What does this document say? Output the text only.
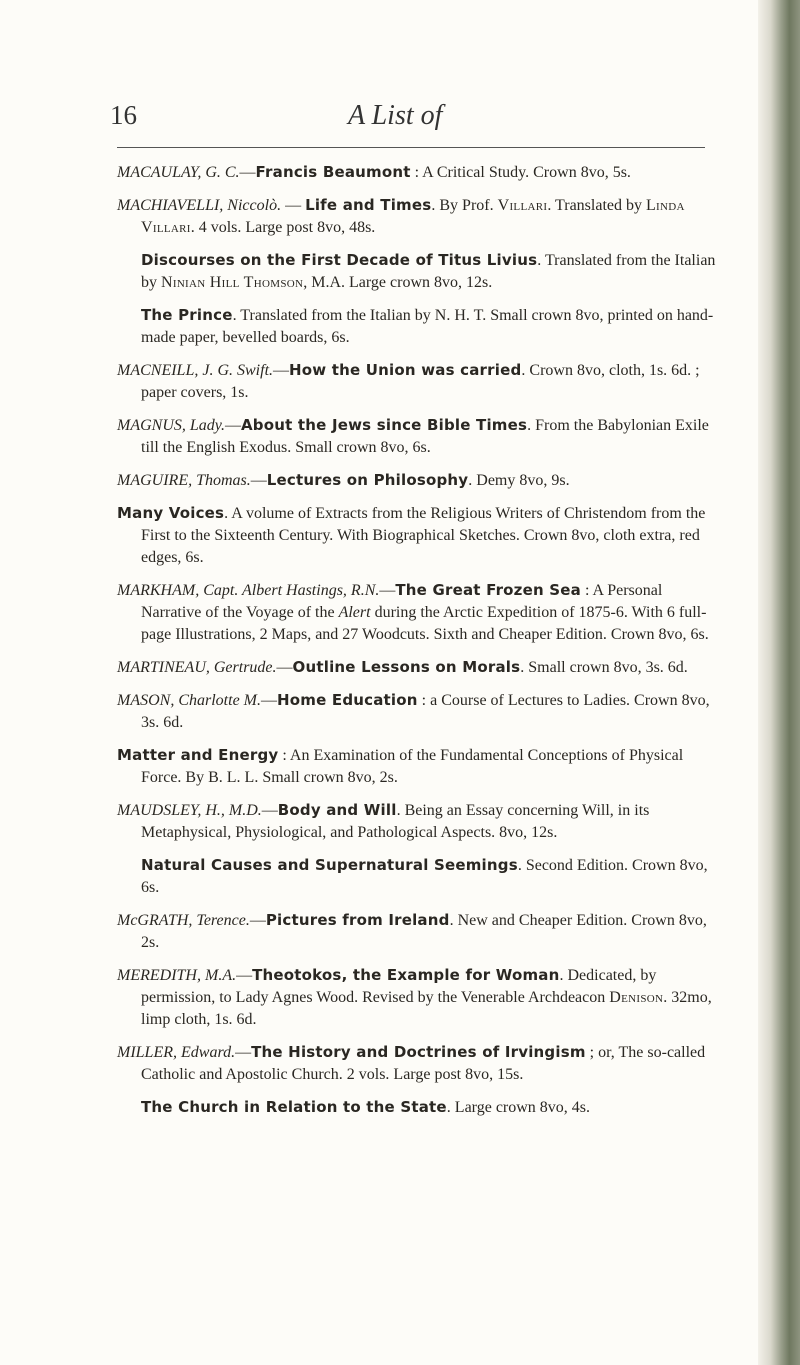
16	A List of

MACAULAY, G. C.—Francis Beaumont : A Critical Study. Crown 8vo, 5s.

MACHIAVELLI, Niccolò. — Life and Times. By Prof. Villari. Translated by Linda Villari. 4 vols. Large post 8vo, 48s.

Discourses on the First Decade of Titus Livius. Translated from the Italian by Ninian Hill Thomson, M.A. Large crown 8vo, 12s.

The Prince. Translated from the Italian by N. H. T. Small crown 8vo, printed on hand-made paper, bevelled boards, 6s.

MACNEILL, J. G. Swift.—How the Union was carried. Crown 8vo, cloth, 1s. 6d. ; paper covers, 1s.

MAGNUS, Lady.—About the Jews since Bible Times. From the Babylonian Exile till the English Exodus. Small crown 8vo, 6s.

MAGUIRE, Thomas.—Lectures on Philosophy. Demy 8vo, 9s.

Many Voices. A volume of Extracts from the Religious Writers of Christendom from the First to the Sixteenth Century. With Biographical Sketches. Crown 8vo, cloth extra, red edges, 6s.

MARKHAM, Capt. Albert Hastings, R.N.—The Great Frozen Sea : A Personal Narrative of the Voyage of the Alert during the Arctic Expedition of 1875-6. With 6 full-page Illustrations, 2 Maps, and 27 Woodcuts. Sixth and Cheaper Edition. Crown 8vo, 6s.

MARTINEAU, Gertrude.—Outline Lessons on Morals. Small crown 8vo, 3s. 6d.

MASON, Charlotte M.—Home Education : a Course of Lectures to Ladies. Crown 8vo, 3s. 6d.

Matter and Energy : An Examination of the Fundamental Conceptions of Physical Force. By B. L. L. Small crown 8vo, 2s.

MAUDSLEY, H., M.D.—Body and Will. Being an Essay concerning Will, in its Metaphysical, Physiological, and Pathological Aspects. 8vo, 12s.

Natural Causes and Supernatural Seemings. Second Edition. Crown 8vo, 6s.

McGRATH, Terence.—Pictures from Ireland. New and Cheaper Edition. Crown 8vo, 2s.

MEREDITH, M.A.—Theotokos, the Example for Woman. Dedicated, by permission, to Lady Agnes Wood. Revised by the Venerable Archdeacon Denison. 32mo, limp cloth, 1s. 6d.

MILLER, Edward.—The History and Doctrines of Irvingism ; or, The so-called Catholic and Apostolic Church. 2 vols. Large post 8vo, 15s.

The Church in Relation to the State. Large crown 8vo, 4s.
